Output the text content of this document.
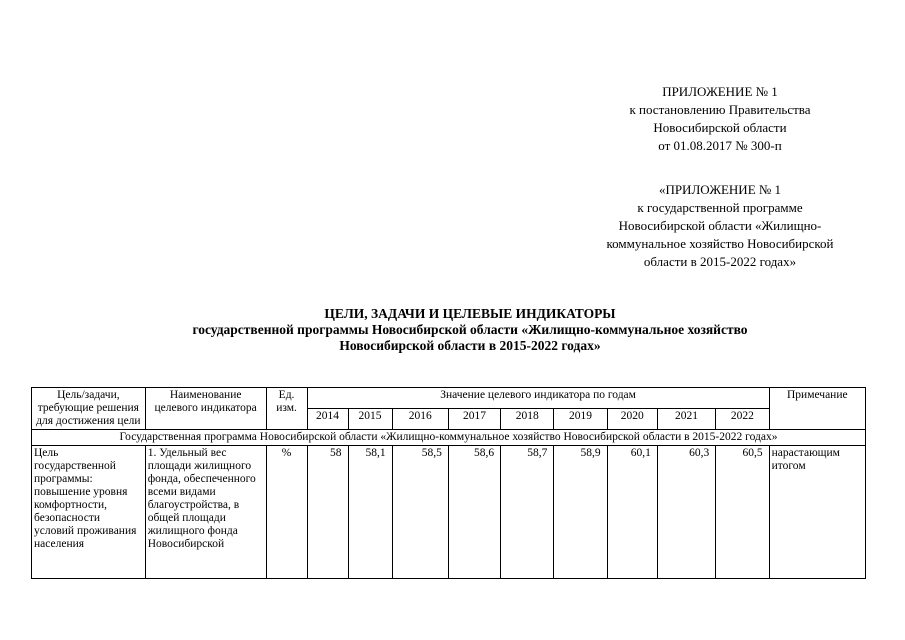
ПРИЛОЖЕНИЕ № 1
к постановлению Правительства
Новосибирской области
от 01.08.2017 № 300-п
«ПРИЛОЖЕНИЕ № 1
к государственной программе
Новосибирской области «Жилищно-
коммунальное хозяйство Новосибирской
области в 2015-2022 годах»
ЦЕЛИ, ЗАДАЧИ И ЦЕЛЕВЫЕ ИНДИКАТОРЫ
государственной программы Новосибирской области «Жилищно-коммунальное хозяйство
Новосибирской области в 2015-2022 годах»
Цель/задачи, требующие решения для достижения цели	Наименование целевого индикатора	Ед. изм.	Значение целевого индикатора по годам									Примечание
			2014	2015	2016	2017	2018	2019	2020	2021	2022	
Государственная программа Новосибирской области «Жилищно-коммунальное хозяйство Новосибирской области в 2015-2022 годах»												
Цель государственной программы: повышение уровня комфортности, безопасности условий проживания населения	1. Удельный вес площади жилищного фонда, обеспеченного всеми видами благоустройства, в общей площади жилищного фонда Новосибирской	%	58	58,1	58,5	58,6	58,7	58,9	60,1	60,3	60,5	нарастающим итогом
